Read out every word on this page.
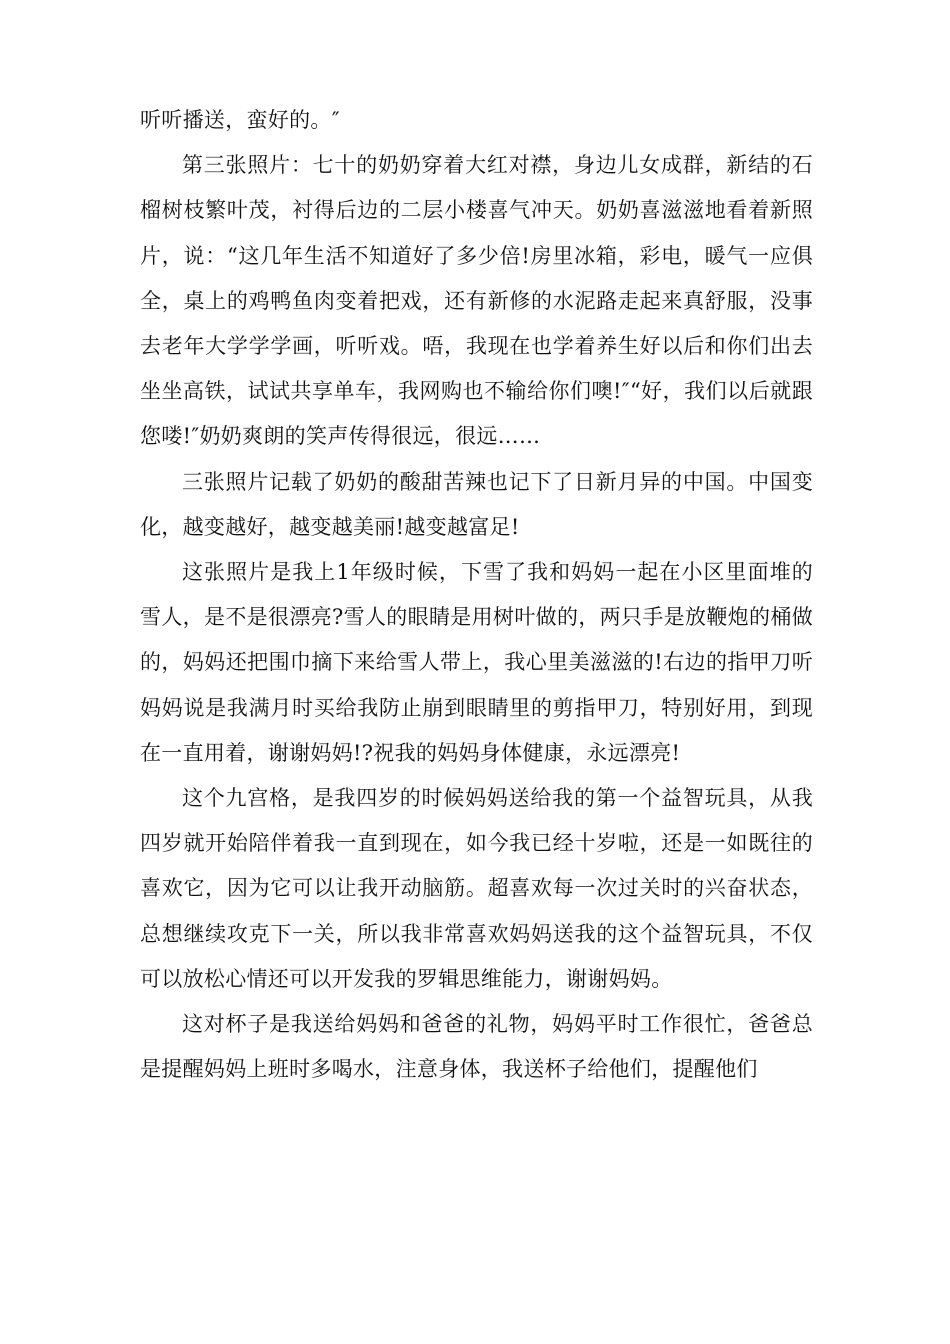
听听播送，蛮好的。″

第三张照片：七十的奶奶穿着大红对襟，身边儿女成群，新结的石榴树枝繁叶茂，衬得后边的二层小楼喜气冲天。奶奶喜滋滋地看着新照片，说：“这几年生活不知道好了多少倍!房里冰箱，彩电，暖气一应俱全，桌上的鸡鸭鱼肉变着把戏，还有新修的水泥路走起来真舒服，没事去老年大学学学画，听听戏。唔，我现在也学着养生好以后和你们出去坐坐高铁，试试共享单车，我网购也不输给你们噢!″“好，我们以后就跟您喽!″奶奶爽朗的笑声传得很远，很远……

三张照片记载了奶奶的酸甜苦辣也记下了日新月异的中国。中国变化，越变越好，越变越美丽!越变越富足!

这张照片是我上1年级时候，下雪了我和妈妈一起在小区里面堆的雪人，是不是很漂亮?雪人的眼睛是用树叶做的，两只手是放鞭炮的桶做的，妈妈还把围巾摘下来给雪人带上，我心里美滋滋的!右边的指甲刀听妈妈说是我满月时买给我防止崩到眼睛里的剪指甲刀，特别好用，到现在一直用着，谢谢妈妈!?祝我的妈妈身体健康，永远漂亮!

这个九宫格，是我四岁的时候妈妈送给我的第一个益智玩具，从我四岁就开始陪伴着我一直到现在，如今我已经十岁啦，还是一如既往的喜欢它，因为它可以让我开动脑筋。超喜欢每一次过关时的兴奋状态，总想继续攻克下一关，所以我非常喜欢妈妈送我的这个益智玩具，不仅可以放松心情还可以开发我的罗辑思维能力，谢谢妈妈。

这对杯子是我送给妈妈和爸爸的礼物，妈妈平时工作很忙，爸爸总是提醒妈妈上班时多喝水，注意身体，我送杯子给他们，提醒他们
